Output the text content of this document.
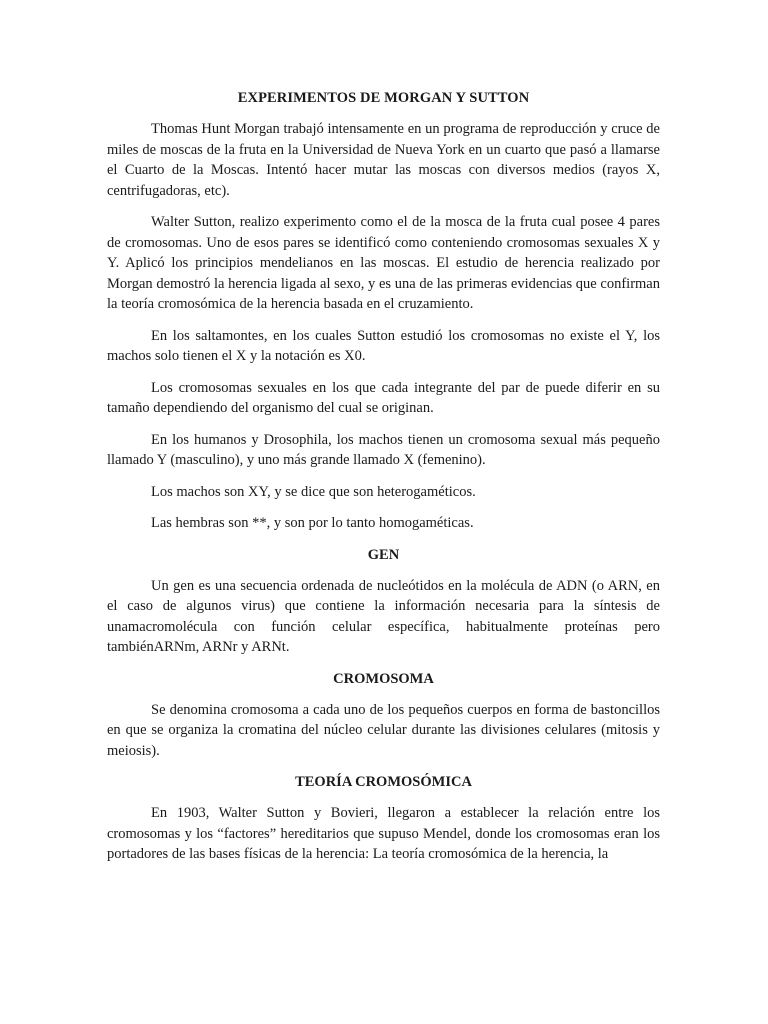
EXPERIMENTOS DE MORGAN Y SUTTON

Thomas Hunt Morgan trabajó intensamente en un programa de reproducción y cruce de miles de moscas de la fruta en la Universidad de Nueva York en un cuarto que pasó a llamarse el Cuarto de la Moscas. Intentó hacer mutar las moscas con diversos medios (rayos X, centrifugadoras, etc).

Walter Sutton, realizo experimento como el de la mosca de la fruta cual posee 4 pares de cromosomas. Uno de esos pares se identificó como conteniendo cromosomas sexuales X y Y. Aplicó los principios mendelianos en las moscas. El estudio de herencia realizado por Morgan demostró la herencia ligada al sexo, y es una de las primeras evidencias que confirman la teoría cromosómica de la herencia basada en el cruzamiento.

En los saltamontes, en los cuales Sutton estudió los cromosomas no existe el Y, los machos solo tienen el X y la notación es X0.

Los cromosomas sexuales en los que cada integrante del par de puede diferir en su tamaño dependiendo del organismo del cual se originan.

En los humanos y Drosophila, los machos tienen un cromosoma sexual más pequeño llamado Y (masculino), y uno más grande llamado X (femenino).

Los machos son XY, y se dice que son heterogaméticos.

Las hembras son **, y son por lo tanto homogaméticas.

GEN

Un gen es una secuencia ordenada de nucleótidos en la molécula de ADN (o ARN, en el caso de algunos virus) que contiene la información necesaria para la síntesis de unamacromolécula con función celular específica, habitualmente proteínas pero tambiénARNm, ARNr y ARNt.

CROMOSOMA

Se denomina cromosoma a cada uno de los pequeños cuerpos en forma de bastoncillos en que se organiza la cromatina del núcleo celular durante las divisiones celulares (mitosis y meiosis).

TEORÍA CROMOSÓMICA

En 1903, Walter Sutton y Bovieri, llegaron a establecer la relación entre los cromosomas y los “factores” hereditarios que supuso Mendel, donde los cromosomas eran los portadores de las bases físicas de la herencia: La teoría cromosómica de la herencia, la
